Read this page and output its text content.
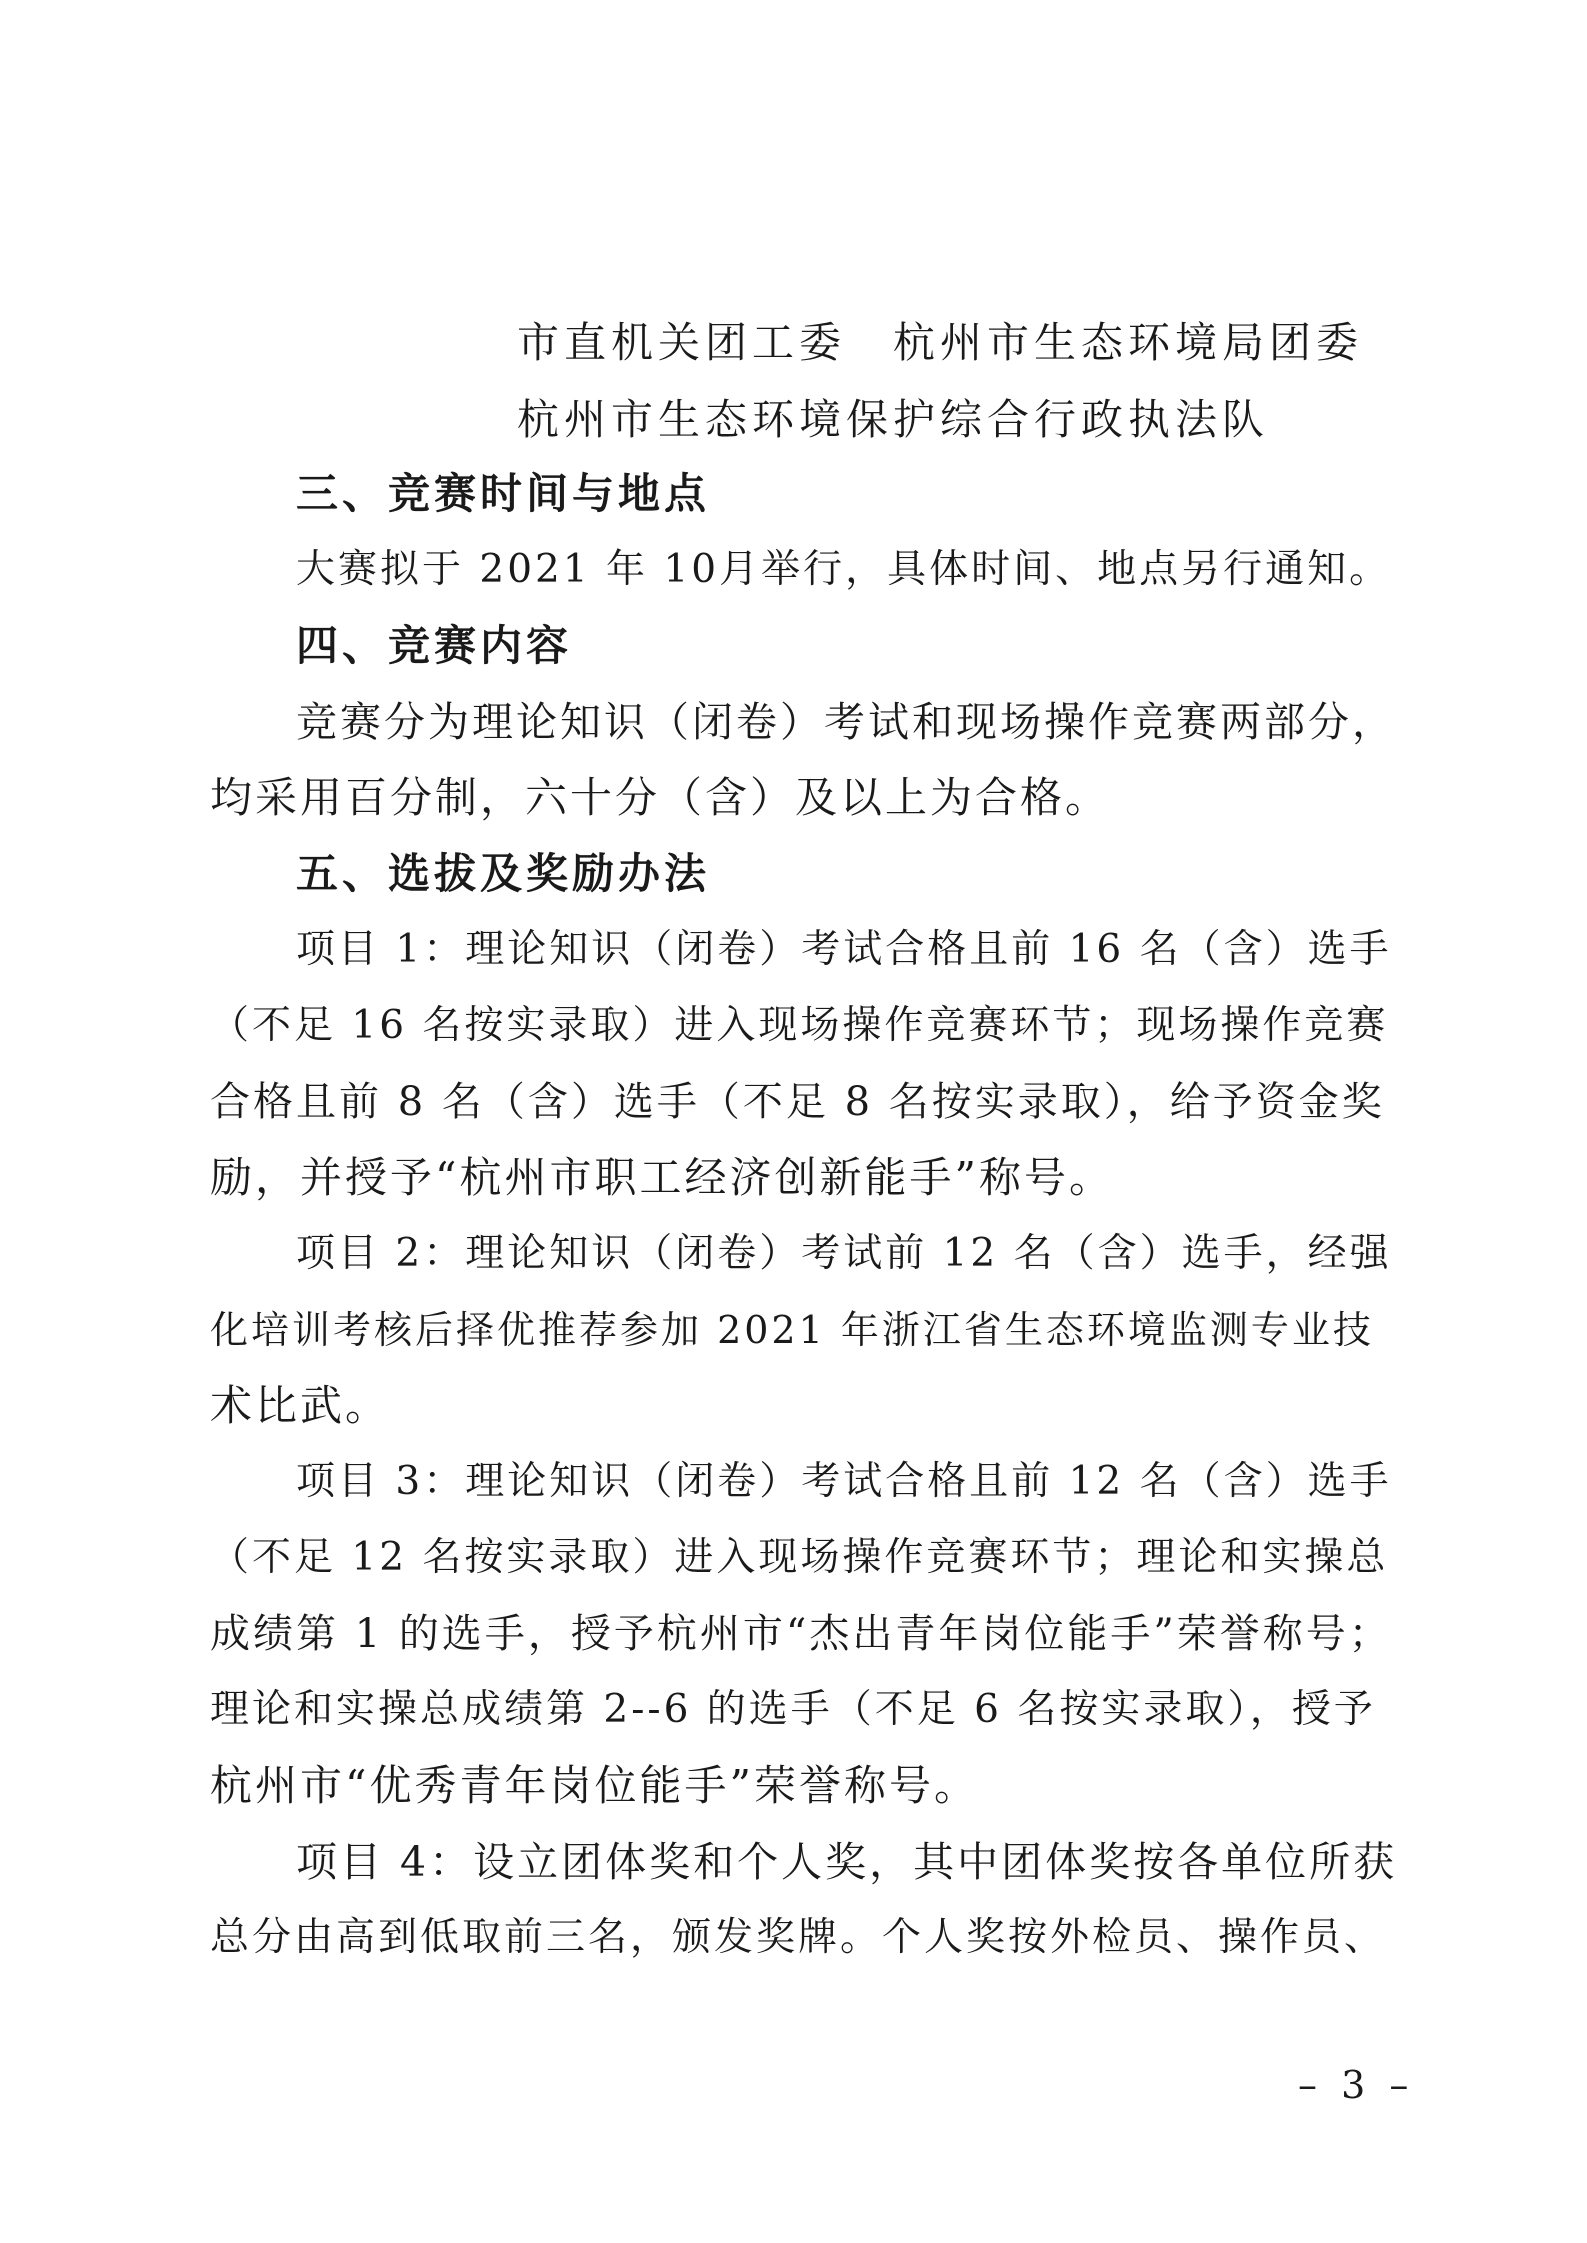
市直机关团工委　杭州市生态环境局团委
杭州市生态环境保护综合行政执法队
三、竞赛时间与地点
大赛拟于 2021 年 10月举行，具体时间、地点另行通知。
四、竞赛内容
竞赛分为理论知识（闭卷）考试和现场操作竞赛两部分，
均采用百分制，六十分（含）及以上为合格。
五、选拔及奖励办法
项目 1：理论知识（闭卷）考试合格且前 16 名（含）选手
（不足 16 名按实录取）进入现场操作竞赛环节；现场操作竞赛
合格且前 8 名（含）选手（不足 8 名按实录取），给予资金奖
励，并授予“杭州市职工经济创新能手”称号。
项目 2：理论知识（闭卷）考试前 12 名（含）选手，经强
化培训考核后择优推荐参加 2021 年浙江省生态环境监测专业技
术比武。
项目 3：理论知识（闭卷）考试合格且前 12 名（含）选手
（不足 12 名按实录取）进入现场操作竞赛环节；理论和实操总
成绩第 1 的选手，授予杭州市“杰出青年岗位能手”荣誉称号；
理论和实操总成绩第 2--6 的选手（不足 6 名按实录取），授予
杭州市“优秀青年岗位能手”荣誉称号。
项目 4：设立团体奖和个人奖，其中团体奖按各单位所获
总分由高到低取前三名，颁发奖牌。个人奖按外检员、操作员、
– 3 –
